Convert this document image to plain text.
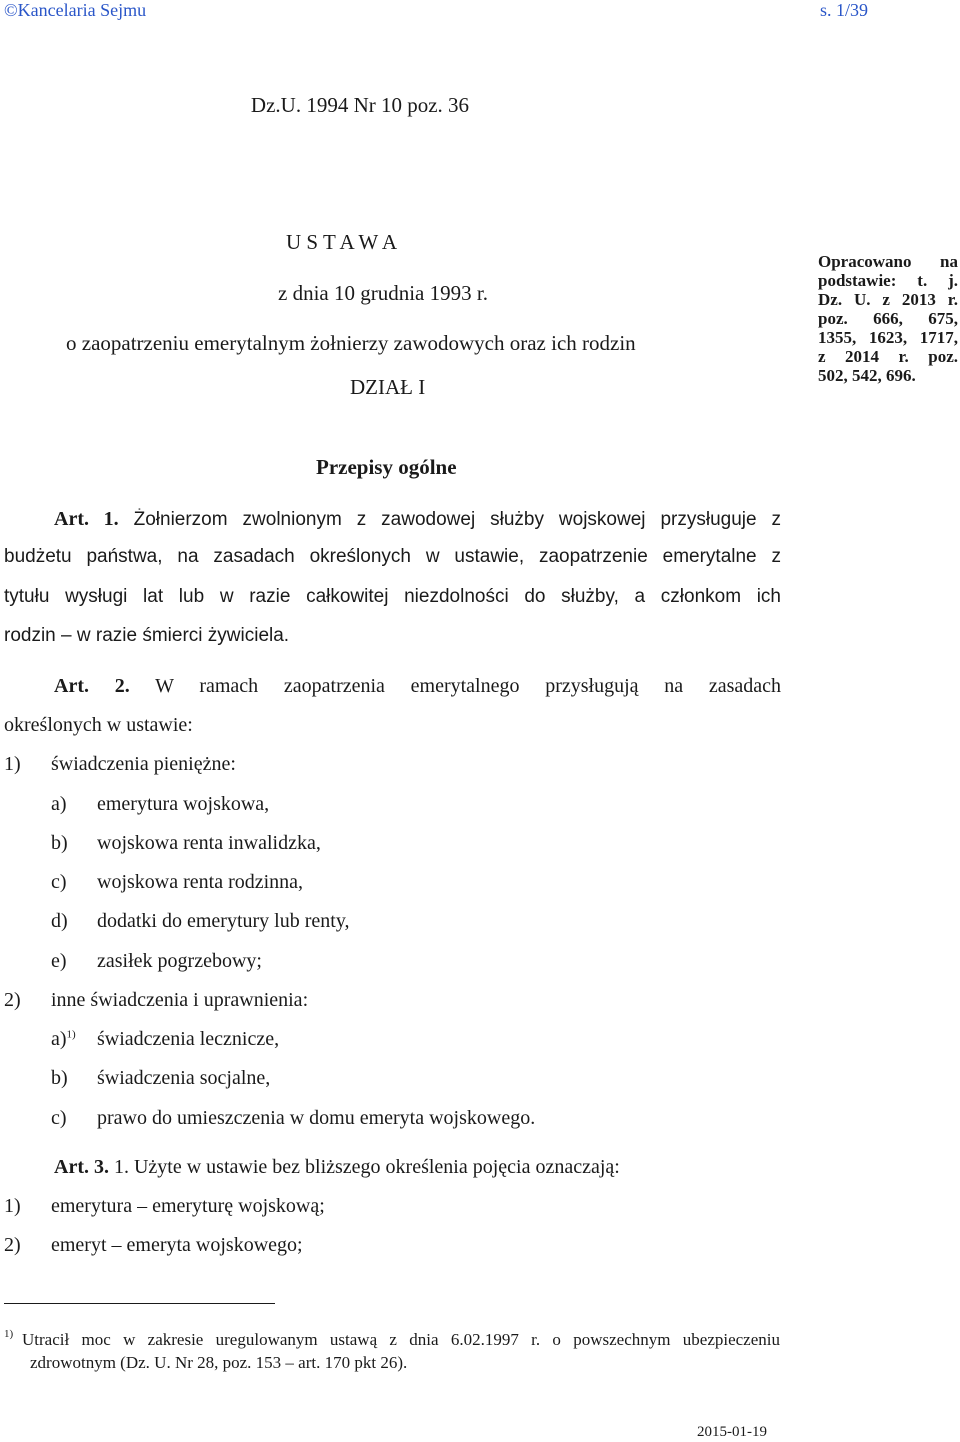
©Kancelaria Sejmu	s. 1/39
Dz.U. 1994 Nr 10 poz. 36
U S T A W A
z dnia 10 grudnia 1993 r.
o zaopatrzeniu emerytalnym żołnierzy zawodowych oraz ich rodzin
DZIAŁ I
Przepisy ogólne
Opracowano na
podstawie: t. j.
Dz. U. z 2013 r.
poz. 666, 675,
1355, 1623, 1717,
z 2014 r. poz.
502, 542, 696.
Art. 1. Żołnierzom zwolnionym z zawodowej służby wojskowej przysługuje z
budżetu państwa, na zasadach określonych w ustawie, zaopatrzenie emerytalne z
tytułu wysługi lat lub w razie całkowitej niezdolności do służby, a członkom ich
rodzin – w razie śmierci żywiciela.
Art. 2. W ramach zaopatrzenia emerytalnego przysługują na zasadach
określonych w ustawie:
1) świadczenia pieniężne:
a) emerytura wojskowa,
b) wojskowa renta inwalidzka,
c) wojskowa renta rodzinna,
d) dodatki do emerytury lub renty,
e) zasiłek pogrzebowy;
2) inne świadczenia i uprawnienia:
a)$^{1)}$ świadczenia lecznicze,
b) świadczenia socjalne,
c) prawo do umieszczenia w domu emeryta wojskowego.
Art. 3. 1. Użyte w ustawie bez bliższego określenia pojęcia oznaczają:
1) emerytura – emeryturę wojskową;
2) emeryt – emeryta wojskowego;
1) Utracił moc w zakresie uregulowanym ustawą z dnia 6.02.1997 r. o powszechnym ubezpieczeniu
zdrowotnym (Dz. U. Nr 28, poz. 153 – art. 170 pkt 26).
2015-01-19
